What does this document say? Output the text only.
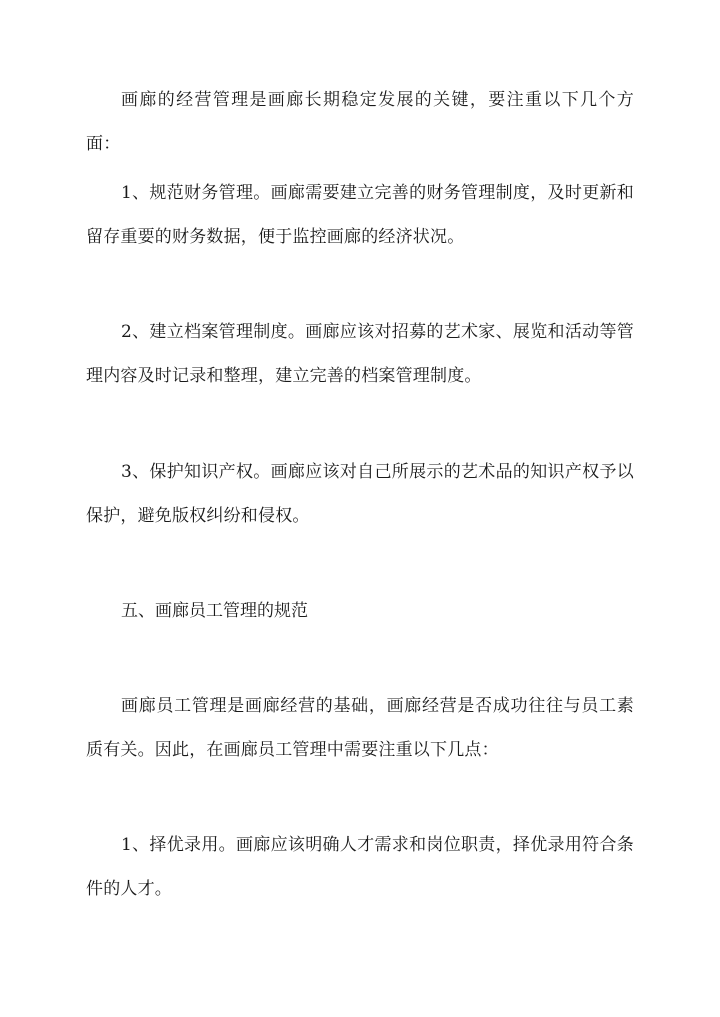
画廊的经营管理是画廊长期稳定发展的关键，要注重以下几个方面：

1、规范财务管理。画廊需要建立完善的财务管理制度，及时更新和留存重要的财务数据，便于监控画廊的经济状况。

2、建立档案管理制度。画廊应该对招募的艺术家、展览和活动等管理内容及时记录和整理，建立完善的档案管理制度。

3、保护知识产权。画廊应该对自己所展示的艺术品的知识产权予以保护，避免版权纠纷和侵权。

五、画廊员工管理的规范

画廊员工管理是画廊经营的基础，画廊经营是否成功往往与员工素质有关。因此，在画廊员工管理中需要注重以下几点：

1、择优录用。画廊应该明确人才需求和岗位职责，择优录用符合条件的人才。
